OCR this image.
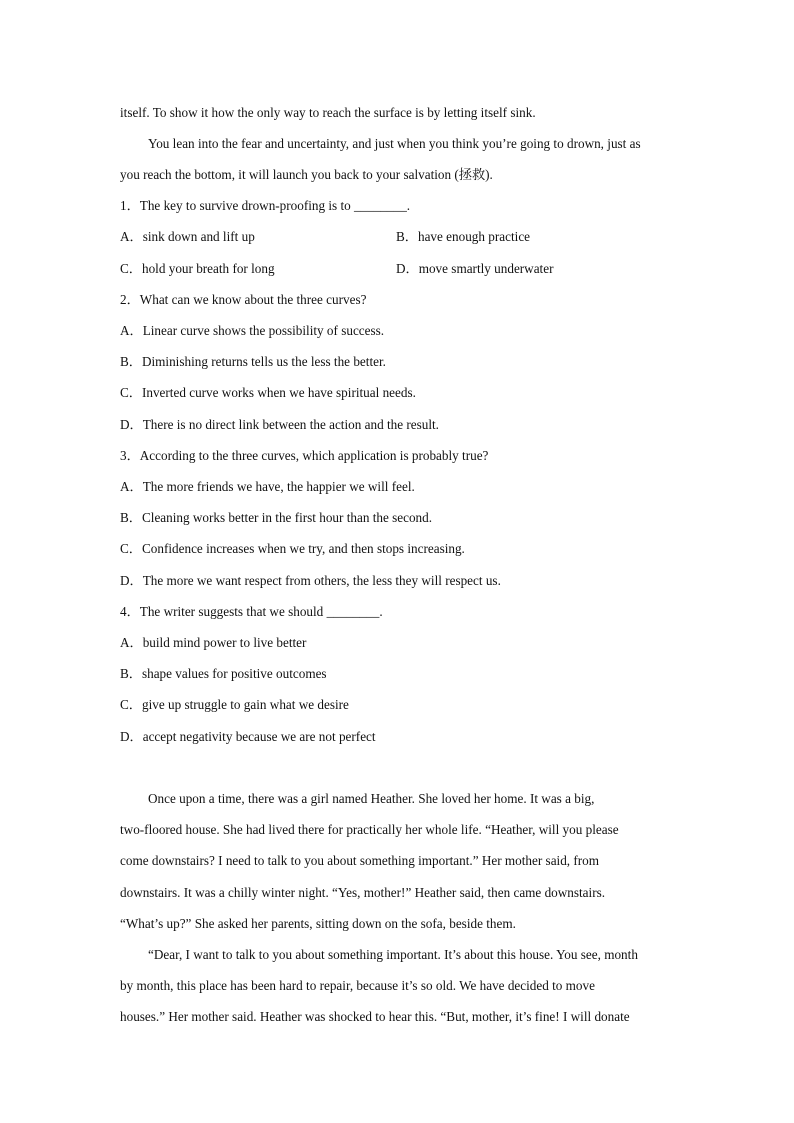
itself. To show it how the only way to reach the surface is by letting itself sink.
You lean into the fear and uncertainty, and just when you think you’re going to drown, just as
you reach the bottom, it will launch you back to your salvation (拯救).
1．The key to survive drown-proofing is to ________.
A．sink down and lift up	B．have enough practice
C．hold your breath for long	D．move smartly underwater
2．What can we know about the three curves?
A．Linear curve shows the possibility of success.
B．Diminishing returns tells us the less the better.
C．Inverted curve works when we have spiritual needs.
D．There is no direct link between the action and the result.
3．According to the three curves, which application is probably true?
A．The more friends we have, the happier we will feel.
B．Cleaning works better in the first hour than the second.
C．Confidence increases when we try, and then stops increasing.
D．The more we want respect from others, the less they will respect us.
4．The writer suggests that we should ________.
A．build mind power to live better
B．shape values for positive outcomes
C．give up struggle to gain what we desire
D．accept negativity because we are not perfect
Once upon a time, there was a girl named Heather. She loved her home. It was a big,
two-floored house. She had lived there for practically her whole life. “Heather, will you please
come downstairs? I need to talk to you about something important.” Her mother said, from
downstairs. It was a chilly winter night. “Yes, mother!” Heather said, then came downstairs.
“What’s up?” She asked her parents, sitting down on the sofa, beside them.
“Dear, I want to talk to you about something important. It’s about this house. You see, month
by month, this place has been hard to repair, because it’s so old. We have decided to move
houses.” Her mother said. Heather was shocked to hear this. “But, mother, it’s fine! I will donate
